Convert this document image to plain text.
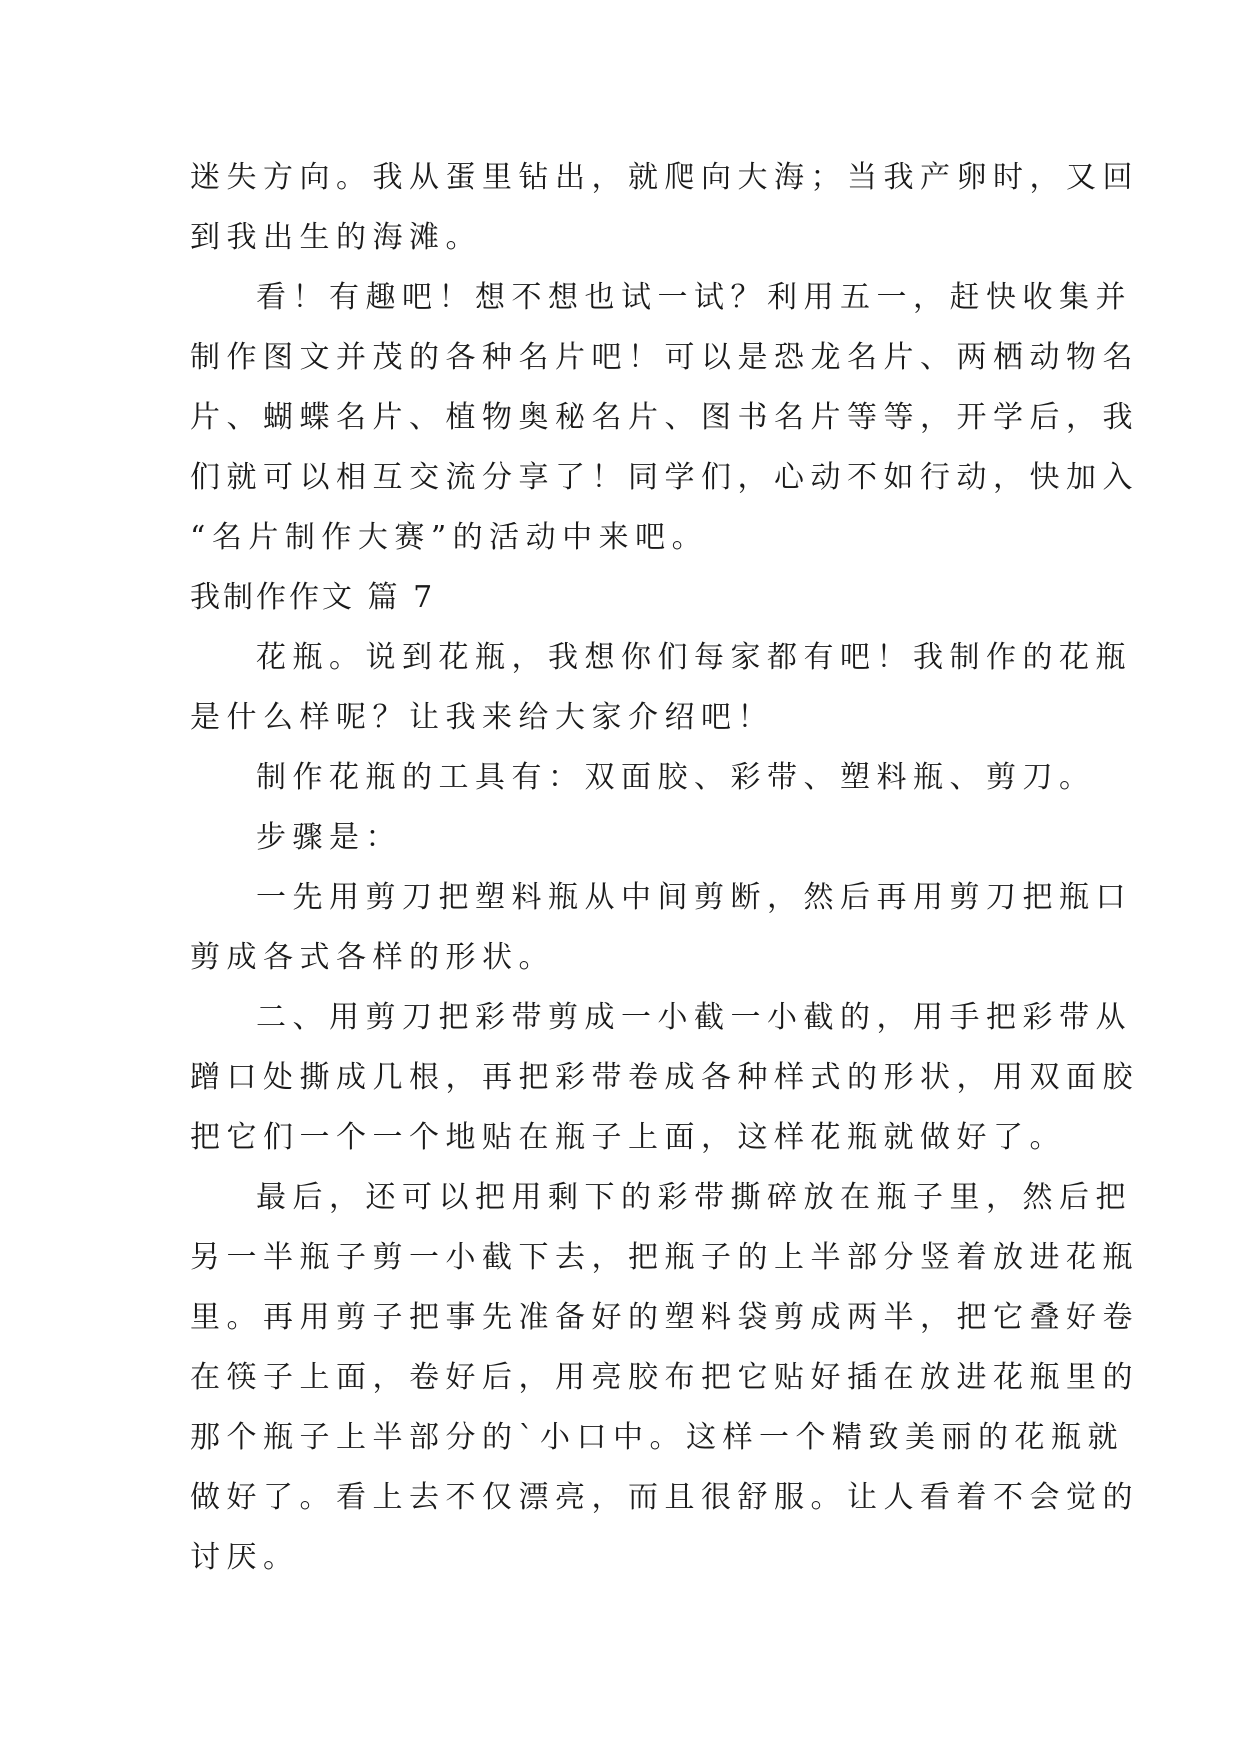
迷失方向。我从蛋里钻出，就爬向大海；当我产卵时，又回
到我出生的海滩。

看！有趣吧！想不想也试一试？利用五一，赶快收集并
制作图文并茂的各种名片吧！可以是恐龙名片、两栖动物名
片、蝴蝶名片、植物奥秘名片、图书名片等等，开学后，我
们就可以相互交流分享了！同学们，心动不如行动，快加入
“名片制作大赛”的活动中来吧。

我制作作文 篇 7

花瓶。说到花瓶，我想你们每家都有吧！我制作的花瓶
是什么样呢？让我来给大家介绍吧！

制作花瓶的工具有：双面胶、彩带、塑料瓶、剪刀。

步骤是：

一先用剪刀把塑料瓶从中间剪断，然后再用剪刀把瓶口
剪成各式各样的形状。

二、用剪刀把彩带剪成一小截一小截的，用手把彩带从
蹭口处撕成几根，再把彩带卷成各种样式的形状，用双面胶
把它们一个一个地贴在瓶子上面，这样花瓶就做好了。

最后，还可以把用剩下的彩带撕碎放在瓶子里，然后把
另一半瓶子剪一小截下去，把瓶子的上半部分竖着放进花瓶
里。再用剪子把事先准备好的塑料袋剪成两半，把它叠好卷
在筷子上面，卷好后，用亮胶布把它贴好插在放进花瓶里的
那个瓶子上半部分的`小口中。这样一个精致美丽的花瓶就
做好了。看上去不仅漂亮，而且很舒服。让人看着不会觉的
讨厌。
